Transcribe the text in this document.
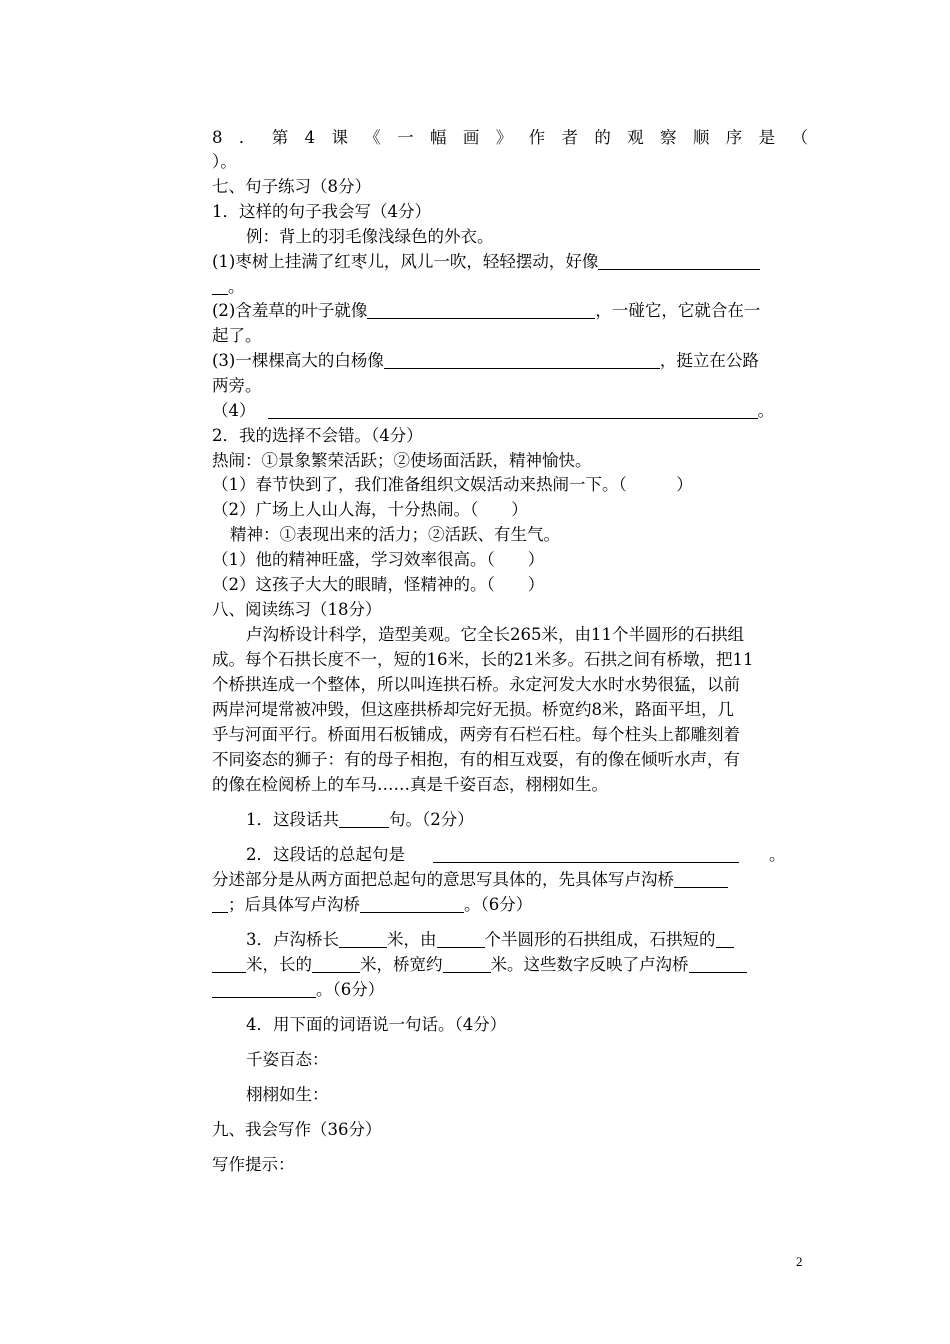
8 ． 第 4 课 《 一 幅 画 》 作 者 的 观 察 顺 序 是 （
）。
七、句子练习（8分）
1．这样的句子我会写（4分）
例：背上的羽毛像浅绿色的外衣。
(1)枣树上挂满了红枣儿，风儿一吹，轻轻摆动，好像
。
(2)含羞草的叶子就像	，一碰它，它就合在一
起了。
(3)一棵棵高大的白杨像	，挺立在公路
两旁。
（4）	。
2．我的选择不会错。（4分）
热闹：①景象繁荣活跃；②使场面活跃，精神愉快。
（1）春节快到了，我们准备组织文娱活动来热闹一下。（　　　）
（2）广场上人山人海，十分热闹。（　　）
精神：①表现出来的活力；②活跃、有生气。
（1）他的精神旺盛，学习效率很高。（　　）
（2）这孩子大大的眼睛，怪精神的。（　　）
八、阅读练习（18分）
卢沟桥设计科学，造型美观。它全长265米，由11个半圆形的石拱组
成。每个石拱长度不一，短的16米，长的21米多。石拱之间有桥墩，把11
个桥拱连成一个整体，所以叫连拱石桥。永定河发大水时水势很猛，以前
两岸河堤常被冲毁，但这座拱桥却完好无损。桥宽约8米，路面平坦，几
乎与河面平行。桥面用石板铺成，两旁有石栏石柱。每个柱头上都雕刻着
不同姿态的狮子：有的母子相抱，有的相互戏耍，有的像在倾听水声，有
的像在检阅桥上的车马……真是千姿百态，栩栩如生。
1．这段话共	句。（2分）
2．这段话的总起句是	。
分述部分是从两方面把总起句的意思写具体的，先具体写卢沟桥
；后具体写卢沟桥	。（6分）
3．卢沟桥长	米，由	个半圆形的石拱组成，石拱短的
米，长的	米，桥宽约	米。这些数字反映了卢沟桥
。（6分）
4．用下面的词语说一句话。（4分）
千姿百态：
栩栩如生：
九、我会写作（36分）
写作提示：
2
